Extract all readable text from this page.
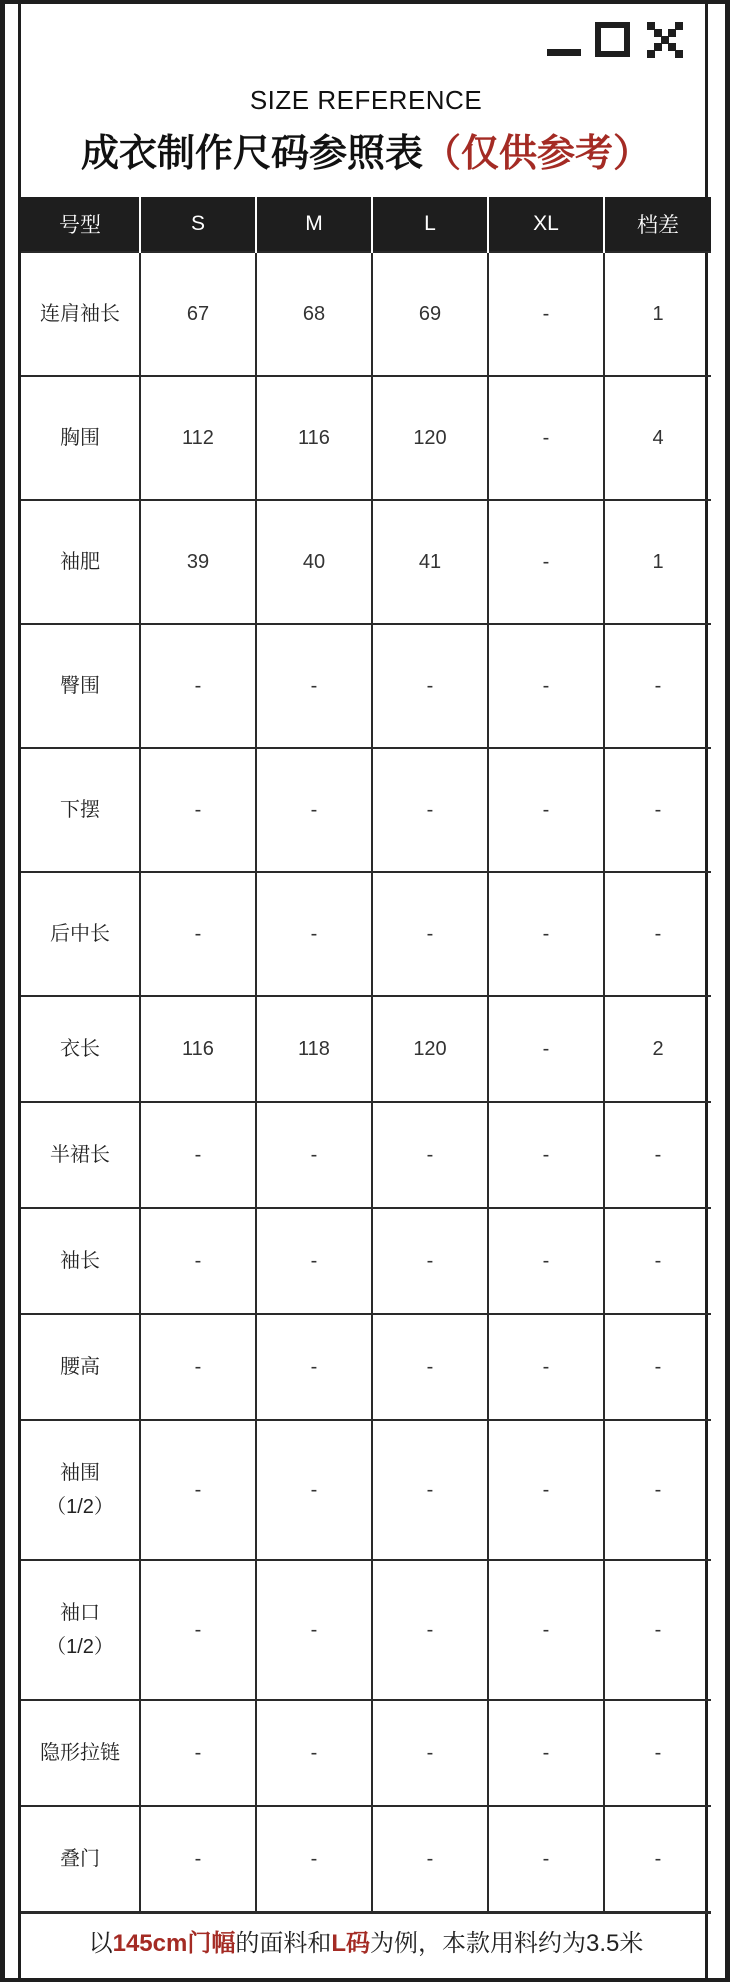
SIZE REFERENCE
成衣制作尺码参照表（仅供参考）
号型	S	M	L	XL	档差
连肩袖长	67	68	69	-	1
胸围	112	116	120	-	4
袖肥	39	40	41	-	1
臀围	-	-	-	-	-
下摆	-	-	-	-	-
后中长	-	-	-	-	-
衣长	116	118	120	-	2
半裙长	-	-	-	-	-
袖长	-	-	-	-	-
腰高	-	-	-	-	-
袖围
（1/2）	-	-	-	-	-
袖口
（1/2）	-	-	-	-	-
隐形拉链	-	-	-	-	-
叠门	-	-	-	-	-
以145cm门幅的面料和L码为例，本款用料约为3.5米
